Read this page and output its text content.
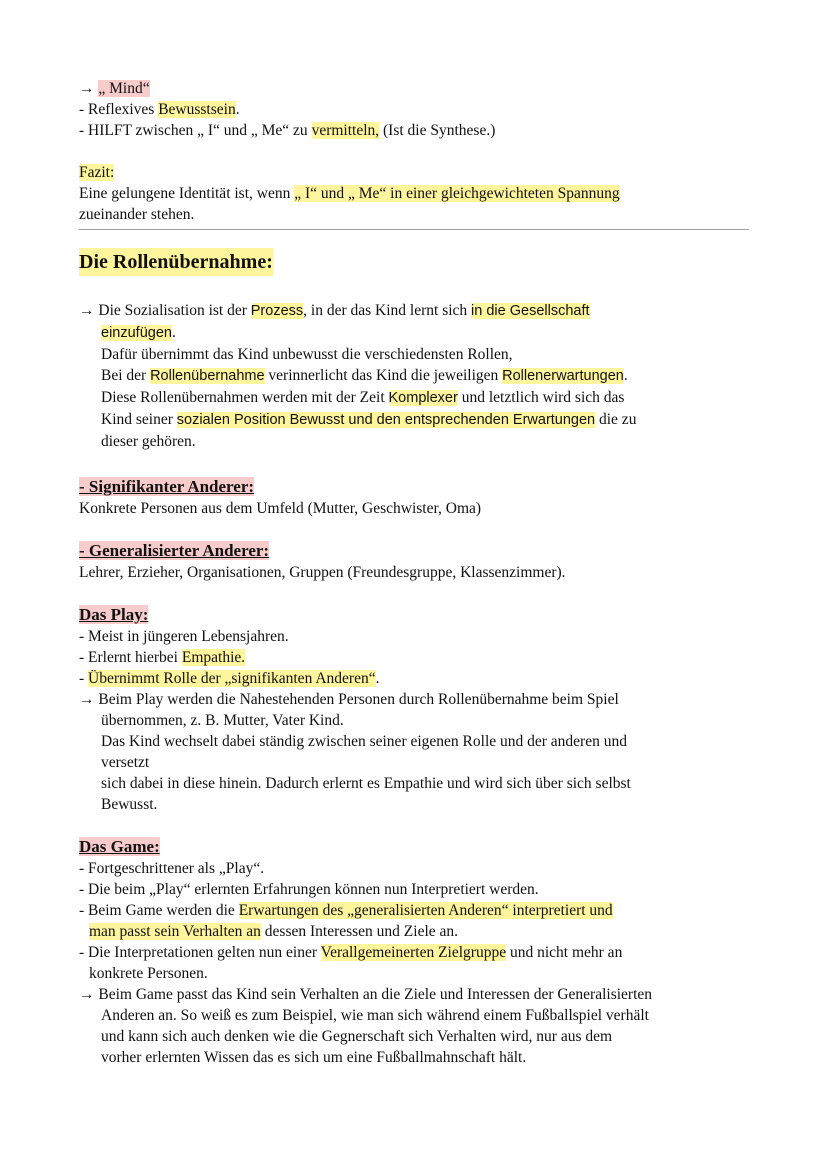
→ „ Mind“
- Reflexives Bewusstsein.
- HILFT zwischen „ I“ und „ Me“ zu vermitteln, (Ist die Synthese.)
Fazit:
Eine gelungene Identität ist, wenn „ I“ und „ Me“ in einer gleichgewichteten Spannung
zueinander stehen.
Die Rollenübernahme:
→ Die Sozialisation ist der Prozess, in der das Kind lernt sich in die Gesellschaft
einzufügen.
Dafür übernimmt das Kind unbewusst die verschiedensten Rollen,
Bei der Rollenübernahme verinnerlicht das Kind die jeweiligen Rollenerwartungen.
Diese Rollenübernahmen werden mit der Zeit Komplexer und letztlich wird sich das
Kind seiner sozialen Position Bewusst und den entsprechenden Erwartungen die zu
dieser gehören.
- Signifikanter Anderer:
Konkrete Personen aus dem Umfeld (Mutter, Geschwister, Oma)
- Generalisierter Anderer:
Lehrer, Erzieher, Organisationen, Gruppen (Freundesgruppe, Klassenzimmer).
Das Play:
- Meist in jüngeren Lebensjahren.
- Erlernt hierbei Empathie.
- Übernimmt Rolle der „signifikanten Anderen“.
→ Beim Play werden die Nahestehenden Personen durch Rollenübernahme beim Spiel
übernommen, z. B. Mutter, Vater Kind.
Das Kind wechselt dabei ständig zwischen seiner eigenen Rolle und der anderen und
versetzt
sich dabei in diese hinein. Dadurch erlernt es Empathie und wird sich über sich selbst
Bewusst.
Das Game:
- Fortgeschrittener als „Play“.
- Die beim „Play“ erlernten Erfahrungen können nun Interpretiert werden.
- Beim Game werden die Erwartungen des „generalisierten Anderen“ interpretiert und
man passt sein Verhalten an dessen Interessen und Ziele an.
- Die Interpretationen gelten nun einer Verallgemeinerten Zielgruppe und nicht mehr an
konkrete Personen.
→ Beim Game passt das Kind sein Verhalten an die Ziele und Interessen der Generalisierten
Anderen an. So weiß es zum Beispiel, wie man sich während einem Fußballspiel verhält
und kann sich auch denken wie die Gegnerschaft sich Verhalten wird, nur aus dem
vorher erlernten Wissen das es sich um eine Fußballmahnschaft hält.
